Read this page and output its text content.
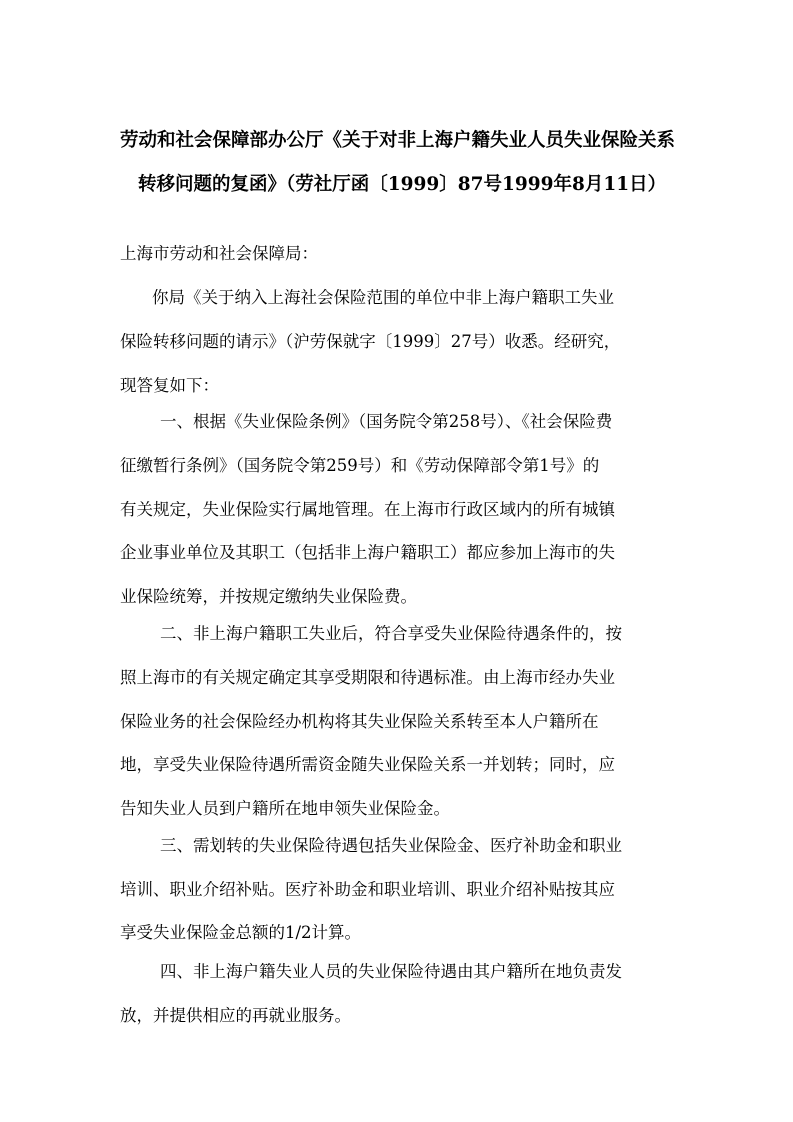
劳动和社会保障部办公厅《关于对非上海户籍失业人员失业保险关系
转移问题的复函》（劳社厅函〔1999〕87号1999年8月11日）
上海市劳动和社会保障局：
你局《关于纳入上海社会保险范围的单位中非上海户籍职工失业
保险转移问题的请示》（沪劳保就字〔1999〕27号）收悉。经研究，
现答复如下：
一、根据《失业保险条例》（国务院令第258号）、《社会保险费
征缴暂行条例》（国务院令第259号）和《劳动保障部令第1号》的
有关规定，失业保险实行属地管理。在上海市行政区域内的所有城镇
企业事业单位及其职工（包括非上海户籍职工）都应参加上海市的失
业保险统筹，并按规定缴纳失业保险费。
二、非上海户籍职工失业后，符合享受失业保险待遇条件的，按
照上海市的有关规定确定其享受期限和待遇标准。由上海市经办失业
保险业务的社会保险经办机构将其失业保险关系转至本人户籍所在
地，享受失业保险待遇所需资金随失业保险关系一并划转；同时，应
告知失业人员到户籍所在地申领失业保险金。
三、需划转的失业保险待遇包括失业保险金、医疗补助金和职业
培训、职业介绍补贴。医疗补助金和职业培训、职业介绍补贴按其应
享受失业保险金总额的1/2计算。
四、非上海户籍失业人员的失业保险待遇由其户籍所在地负责发
放，并提供相应的再就业服务。
